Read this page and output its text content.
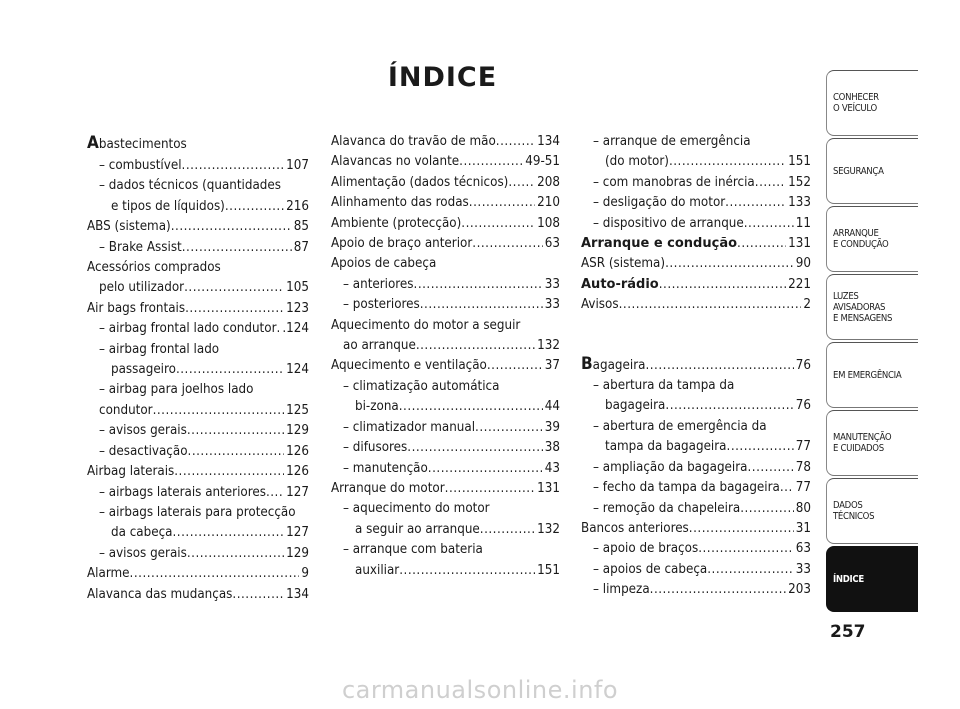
ÍNDICE
Abastecimentos
– combustível .....	107
– dados técnicos (quantidades
e tipos de líquidos) .....	216
ABS (sistema) .....	85
– Brake Assist .....	87
Acessórios comprados
pelo utilizador .....	105
Air bags frontais .....	123
– airbag frontal lado condutor ..... .124
– airbag frontal lado
passageiro .....	124
– airbag para joelhos lado
condutor .....	125
– avisos gerais .....	129
– desactivação .....	126
Airbag laterais .....	126
– airbags laterais anteriores ..... 127
– airbags laterais para protecção
da cabeça .....	127
– avisos gerais .....	129
Alarme .....	9
Alavanca das mudanças .....	134
Alavanca do travão de mão .....	134
Alavancas no volante .....	49-51
Alimentação (dados técnicos) ..... 208
Alinhamento das rodas .....	210
Ambiente (protecção) .....	108
Apoio de braço anterior .....	63
Apoios de cabeça
– anteriores .....	33
– posteriores .....	33
Aquecimento do motor a seguir
ao arranque .....	132
Aquecimento e ventilação .....	37
– climatização automática
bi-zona .....	44
– climatizador manual .....	39
– difusores .....	38
– manutenção .....	43
Arranque do motor .....	131
– aquecimento do motor
a seguir ao arranque .....	132
– arranque com bateria
auxiliar .....	151
– arranque de emergência
(do motor) .....	151
– com manobras de inércia .....	152
– desligação do motor .....	133
– dispositivo de arranque .....	11
Arranque e condução .....	131
ASR (sistema) .....	90
Auto-rádio .....	221
Avisos .....	2
Bagageira .....	76
– abertura da tampa da
bagageira .....	76
– abertura de emergência da
tampa da bagageira .....	77
– ampliação da bagageira .....	78
– fecho da tampa da bagageira ..... 77
– remoção da chapeleira .....	80
Bancos anteriores .....	31
– apoio de braços .....	63
– apoios de cabeça .....	33
– limpeza .....	203
CONHECER
O VEÍCULO
SEGURANÇA
ARRANQUE
E CONDUÇÃO
LUZES
AVISADORAS
E MENSAGENS
EM EMERGÊNCIA
MANUTENÇÃO
E CUIDADOS
DADOS
TÉCNICOS
ÍNDICE
257
carmanualsonline.info
